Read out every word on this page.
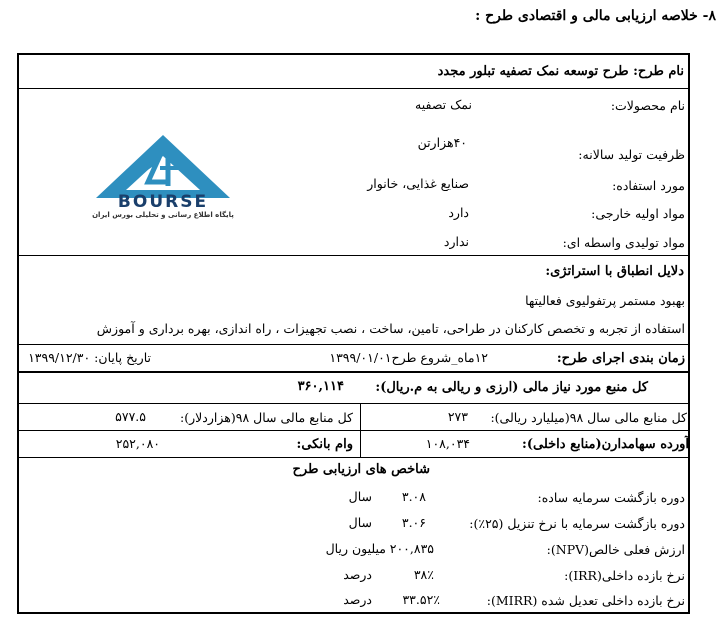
۸- خلاصه ارزیابی مالی و اقتصادی طرح :
نام طرح: طرح توسعه نمک تصفیه تبلور مجدد
نام محصولات:
نمک تصفیه
ظرفیت تولید سالانه:
۴۰هزارتن
مورد استفاده:
صنایع غذایی، خانوار
مواد اولیه خارجی:
دارد
مواد تولیدی واسطه ای:
ندارد
BOURSE
پایگاه اطلاع رسانی و تحلیلی بورس ایران
دلایل انطباق با استراتژی:
بهبود مستمر پرتفولیوی فعالیتها
استفاده از تجربه و تخصص کارکنان در طراحی، تامین، ساخت ، نصب تجهیزات ، راه اندازی، بهره برداری و آموزش
زمان بندی اجرای طرح:
۱۲ماه_شروع طرح۱۳۹۹/۰۱/۰۱
تاریخ پایان: ۱۳۹۹/۱۲/۳۰
کل منبع مورد نیاز مالی (ارزی و ریالی به م.ریال):
۳۶۰,۱۱۴
کل منابع مالی سال ۹۸(میلیارد ریالی):
۲۷۳
کل منابع مالی سال ۹۸(هزاردلار):
۵۷۷.۵
آورده سهامدارن(منابع داخلی):
۱۰۸,۰۳۴
وام بانکی:
۲۵۲,۰۸۰
شاخص های ارزیابی طرح
دوره بازگشت سرمایه ساده:
۳.۰۸
سال
دوره بازگشت سرمایه با نرخ تنزیل (۲۵٪):
۳.۰۶
سال
ارزش فعلی خالص(NPV):
۲۰۰,۸۳۵
میلیون ریال
نرخ بازده داخلی(IRR):
۳۸٪
درصد
نرخ بازده داخلی تعدیل شده (MIRR):
۳۳.۵۲٪
درصد
